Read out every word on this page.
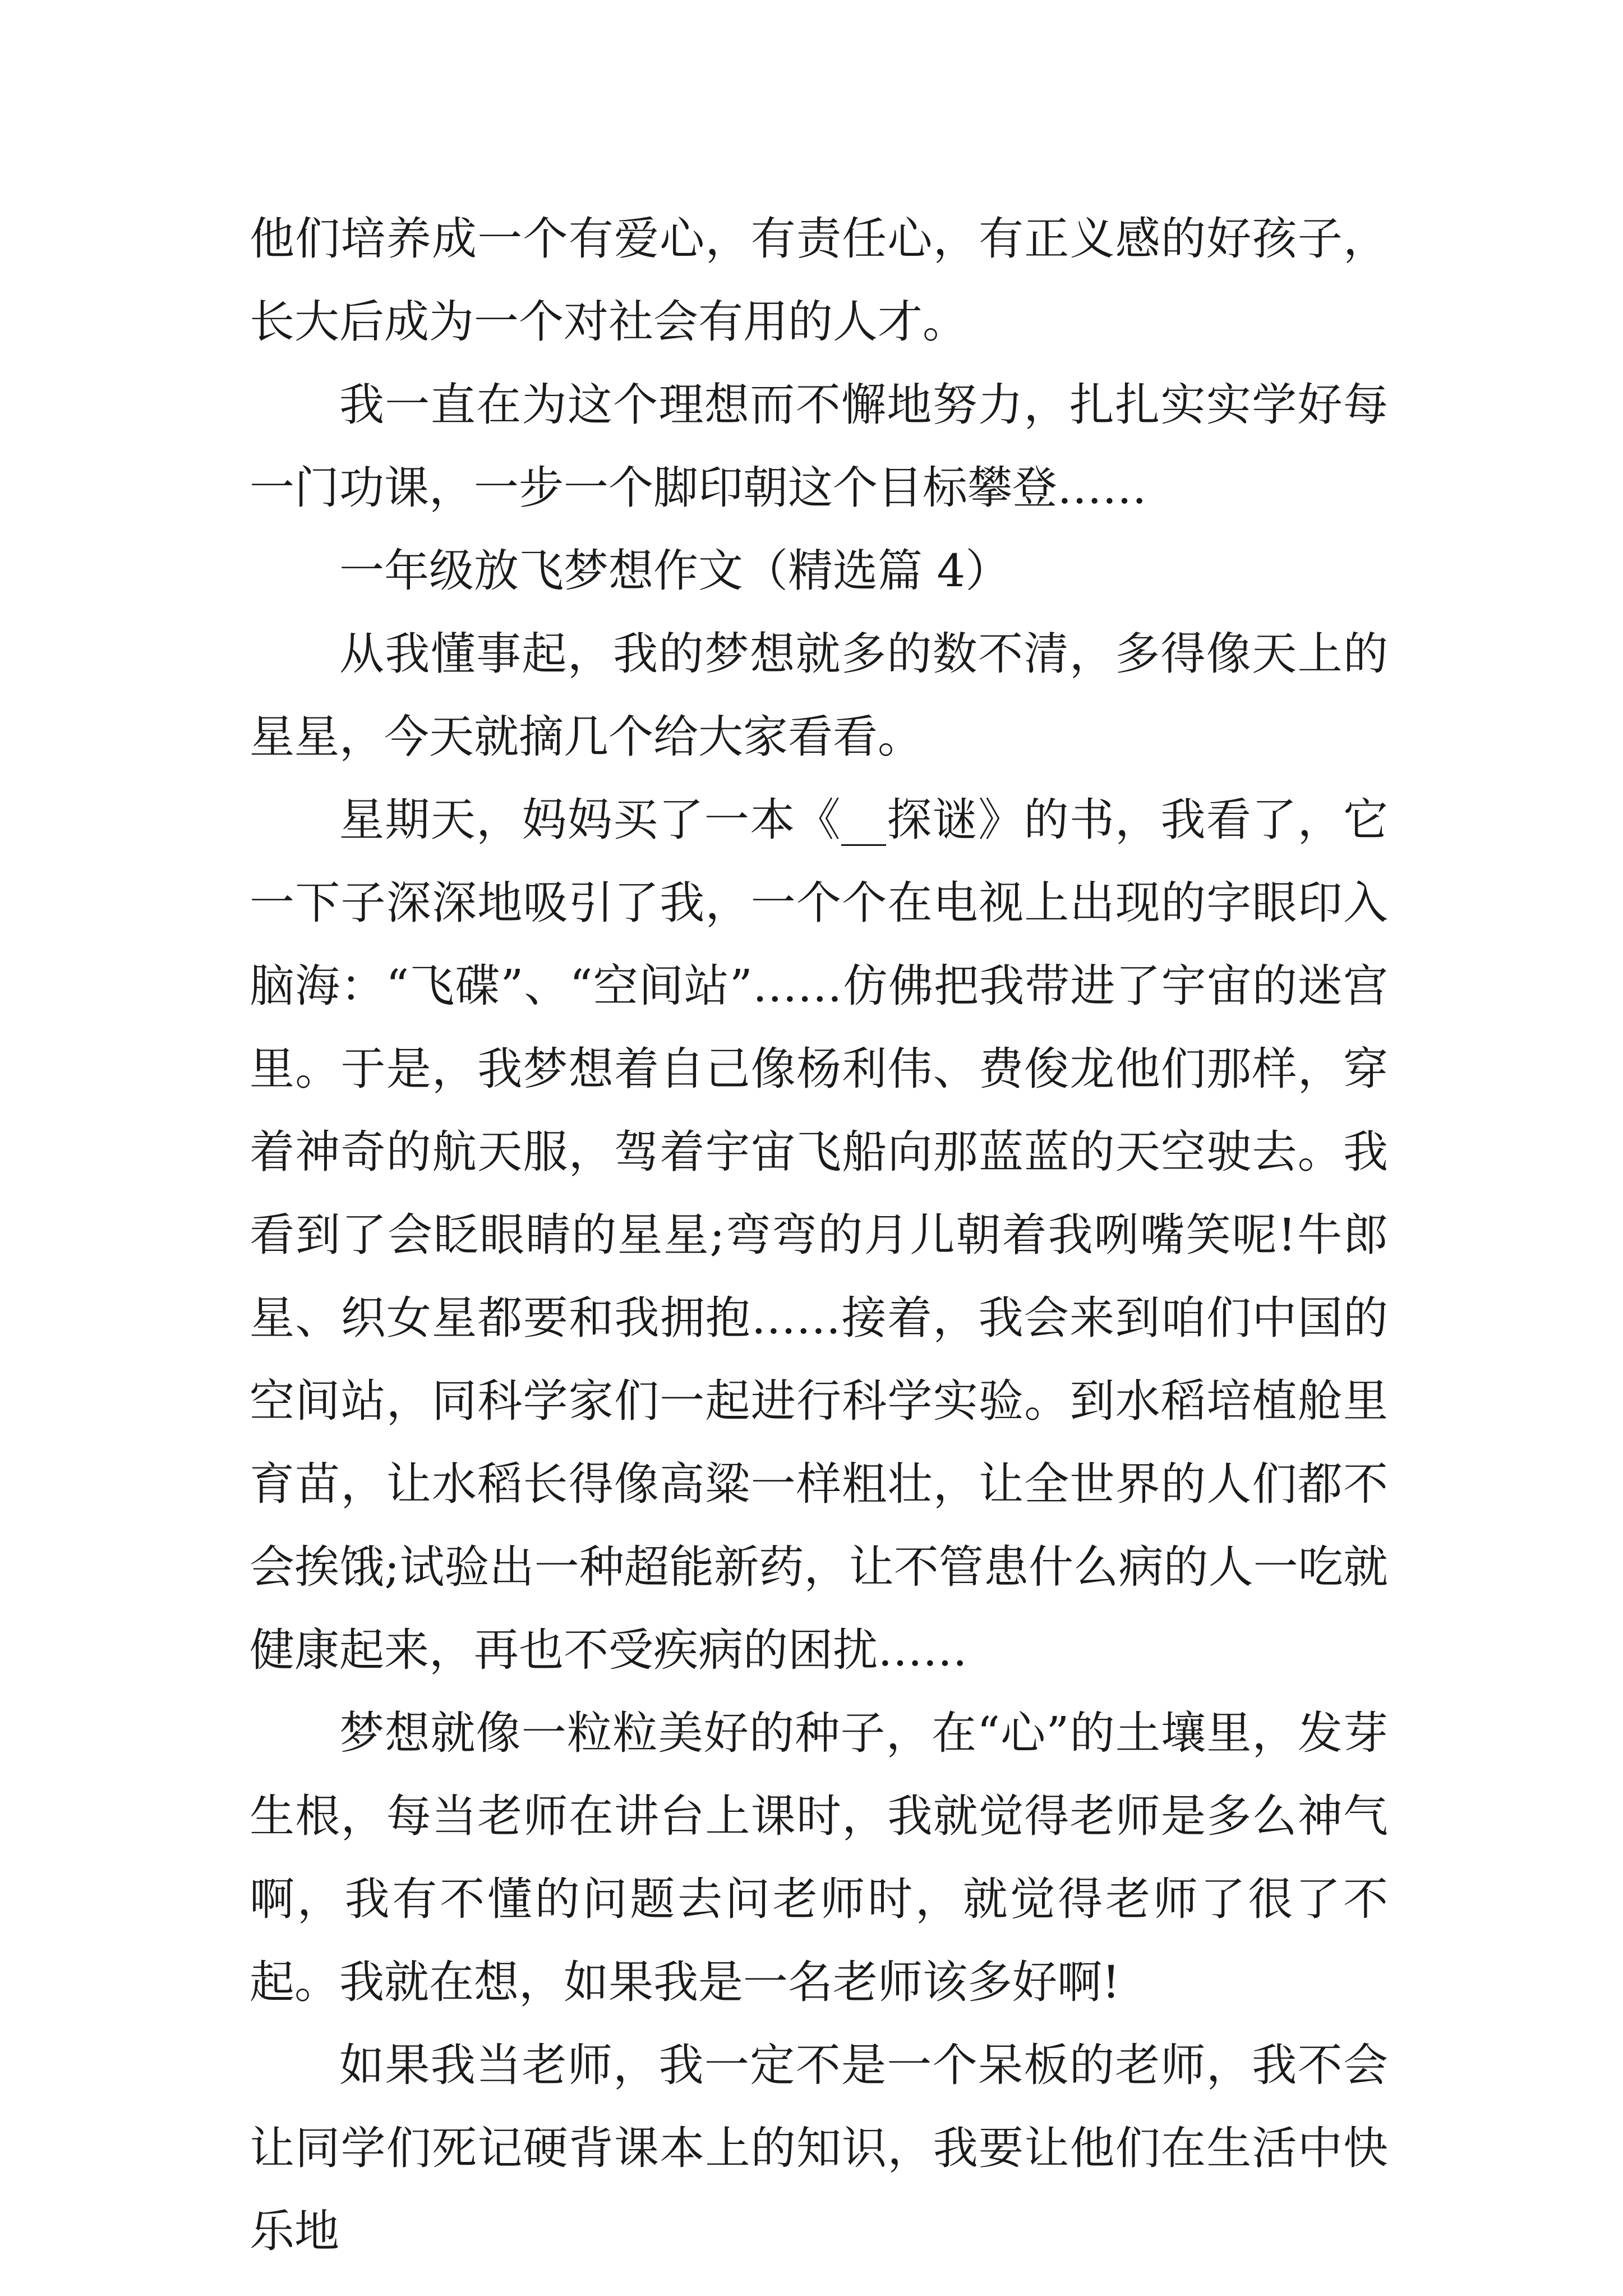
他们培养成一个有爱心，有责任心，有正义感的好孩子，长大后成为一个对社会有用的人才。

我一直在为这个理想而不懈地努力，扎扎实实学好每一门功课，一步一个脚印朝这个目标攀登……

一年级放飞梦想作文（精选篇 4）

从我懂事起，我的梦想就多的数不清，多得像天上的星星，今天就摘几个给大家看看。

星期天，妈妈买了一本《__探谜》的书，我看了，它一下子深深地吸引了我，一个个在电视上出现的字眼印入脑海：“飞碟”、“空间站”……仿佛把我带进了宇宙的迷宫里。于是，我梦想着自己像杨利伟、费俊龙他们那样，穿着神奇的航天服，驾着宇宙飞船向那蓝蓝的天空驶去。我看到了会眨眼睛的星星;弯弯的月儿朝着我咧嘴笑呢!牛郎星、织女星都要和我拥抱……接着，我会来到咱们中国的空间站，同科学家们一起进行科学实验。到水稻培植舱里育苗，让水稻长得像高粱一样粗壮，让全世界的人们都不会挨饿;试验出一种超能新药，让不管患什么病的人一吃就健康起来，再也不受疾病的困扰……

梦想就像一粒粒美好的种子，在“心”的土壤里，发芽生根，每当老师在讲台上课时，我就觉得老师是多么神气啊，我有不懂的问题去问老师时，就觉得老师了很了不起。我就在想，如果我是一名老师该多好啊!

如果我当老师，我一定不是一个呆板的老师，我不会让同学们死记硬背课本上的知识，我要让他们在生活中快乐地
